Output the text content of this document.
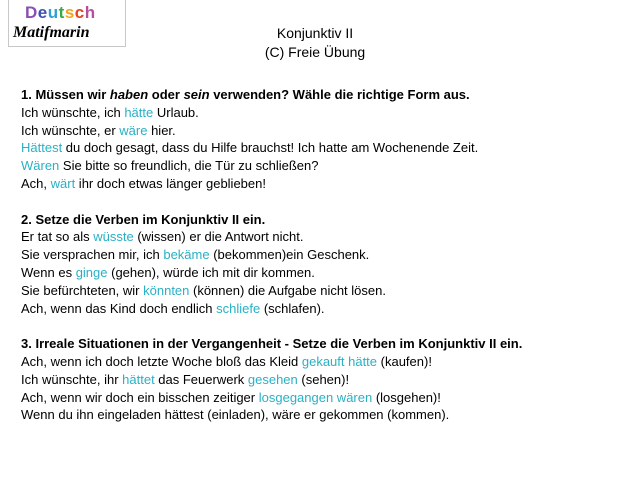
Deutsch
Matifmarin	Konjunktiv II
(C) Freie Übung
1. Müssen wir haben oder sein verwenden? Wähle die richtige Form aus.
Ich wünschte, ich hätte Urlaub.
Ich wünschte, er wäre hier.
Hättest du doch gesagt, dass du Hilfe brauchst! Ich hatte am Wochenende Zeit.
Wären Sie bitte so freundlich, die Tür zu schließen?
Ach, wärt ihr doch etwas länger geblieben!
2. Setze die Verben im Konjunktiv II ein.
Er tat so als wüsste (wissen) er die Antwort nicht.
Sie versprachen mir, ich bekäme (bekommen)ein Geschenk.
Wenn es ginge (gehen), würde ich mit dir kommen.
Sie befürchteten, wir könnten (können) die Aufgabe nicht lösen.
Ach, wenn das Kind doch endlich schliefe (schlafen).
3. Irreale Situationen in der Vergangenheit - Setze die Verben im Konjunktiv II ein.
Ach, wenn ich doch letzte Woche bloß das Kleid gekauft hätte (kaufen)!
Ich wünschte, ihr hättet das Feuerwerk gesehen (sehen)!
Ach, wenn wir doch ein bisschen zeitiger losgegangen wären (losgehen)!
Wenn du ihn eingeladen hättest (einladen), wäre er gekommen (kommen).
